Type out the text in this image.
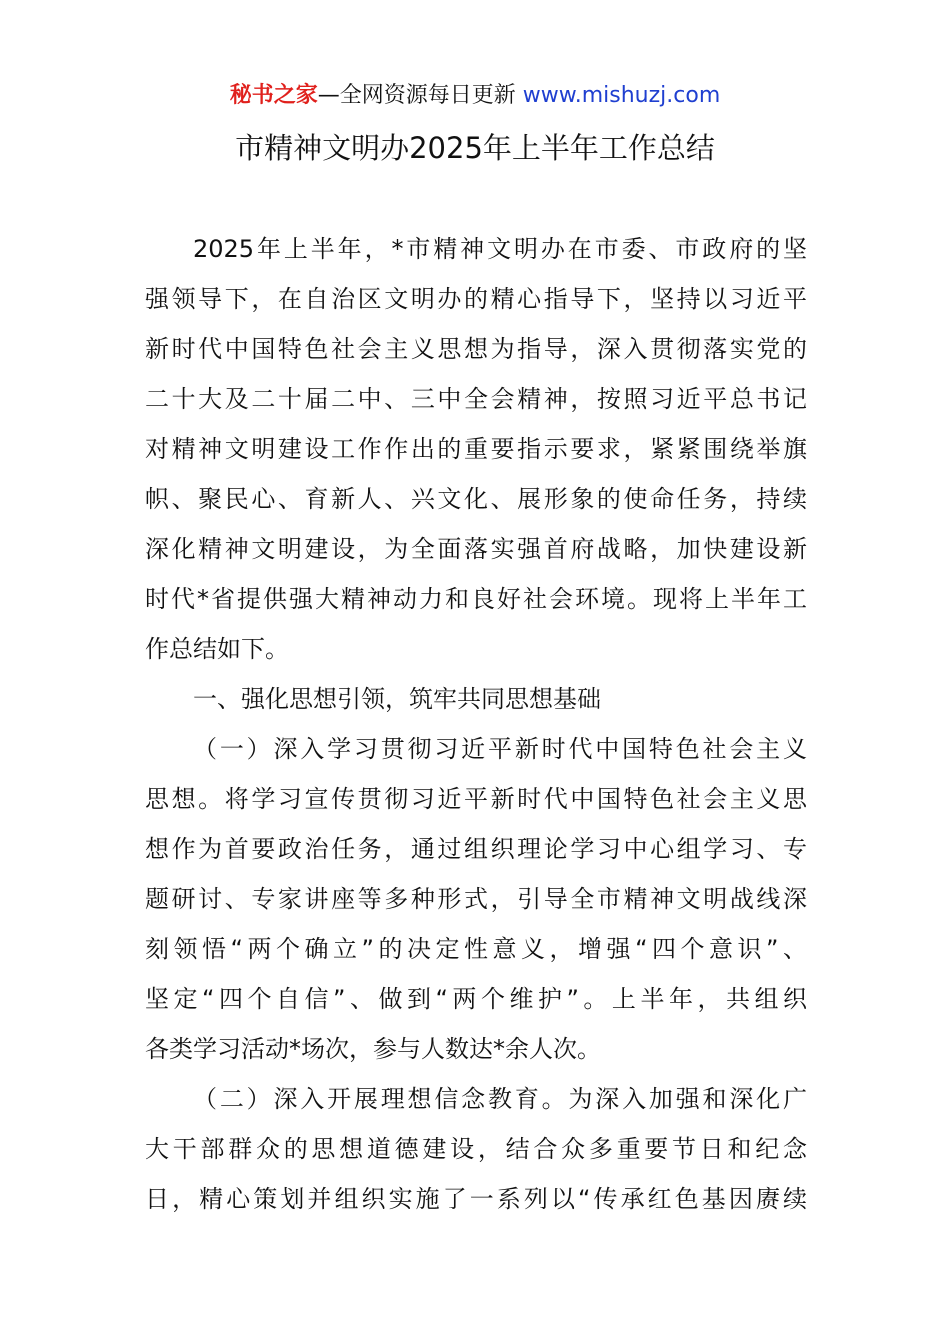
秘书之家—全网资源每日更新 www.mishuzj.com
市精神文明办2025年上半年工作总结
2025年上半年，*市精神文明办在市委、市政府的坚
强领导下，在自治区文明办的精心指导下，坚持以习近平
新时代中国特色社会主义思想为指导，深入贯彻落实党的
二十大及二十届二中、三中全会精神，按照习近平总书记
对精神文明建设工作作出的重要指示要求，紧紧围绕举旗
帜、聚民心、育新人、兴文化、展形象的使命任务，持续
深化精神文明建设，为全面落实强首府战略，加快建设新
时代*省提供强大精神动力和良好社会环境。现将上半年工
作总结如下。
一、强化思想引领，筑牢共同思想基础
（一）深入学习贯彻习近平新时代中国特色社会主义
思想。将学习宣传贯彻习近平新时代中国特色社会主义思
想作为首要政治任务，通过组织理论学习中心组学习、专
题研讨、专家讲座等多种形式，引导全市精神文明战线深
刻领悟“两个确立”的决定性意义，增强“四个意识”、
坚定“四个自信”、做到“两个维护”。上半年，共组织
各类学习活动*场次，参与人数达*余人次。
（二）深入开展理想信念教育。为深入加强和深化广
大干部群众的思想道德建设，结合众多重要节日和纪念
日，精心策划并组织实施了一系列以“传承红色基因赓续
